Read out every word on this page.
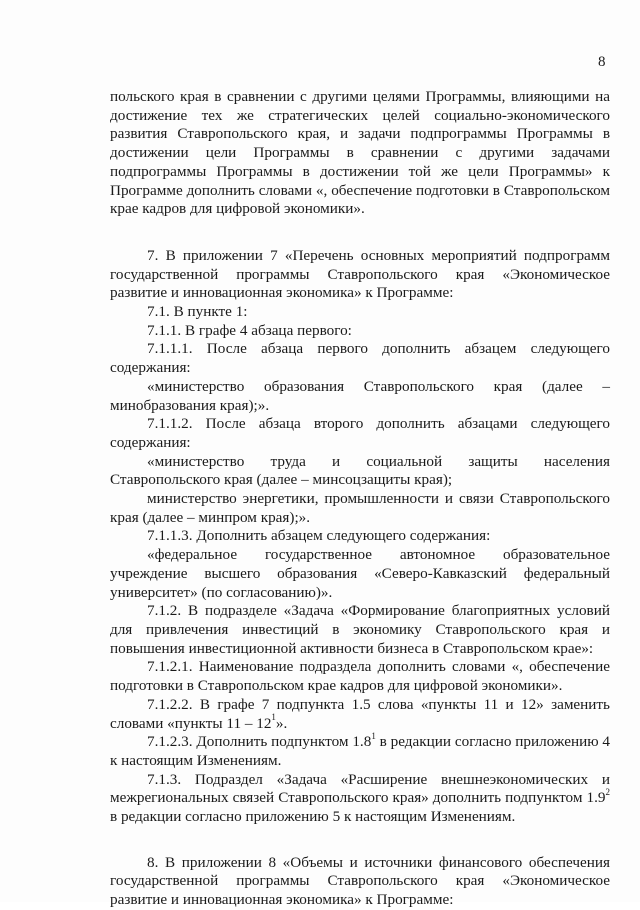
8

польского края в сравнении с другими целями Программы, влияющими на достижение тех же стратегических целей социально-экономического развития Ставропольского края, и задачи подпрограммы Программы в достижении цели Программы в сравнении с другими задачами подпрограммы Программы в достижении той же цели Программы» к Программе дополнить словами «, обеспечение подготовки в Ставропольском крае кадров для цифровой экономики».

7. В приложении 7 «Перечень основных мероприятий подпрограмм государственной программы Ставропольского края «Экономическое развитие и инновационная экономика» к Программе:

7.1. В пункте 1:

7.1.1. В графе 4 абзаца первого:

7.1.1.1. После абзаца первого дополнить абзацем следующего содержания:

«министерство образования Ставропольского края (далее – минобразования края);».

7.1.1.2. После абзаца второго дополнить абзацами следующего содержания:

«министерство труда и социальной защиты населения Ставропольского края (далее – минсоцзащиты края);

министерство энергетики, промышленности и связи Ставропольского края (далее – минпром края);».

7.1.1.3. Дополнить абзацем следующего содержания:

«федеральное государственное автономное образовательное учреждение высшего образования «Северо-Кавказский федеральный университет» (по согласованию)».

7.1.2. В подразделе «Задача «Формирование благоприятных условий для привлечения инвестиций в экономику Ставропольского края и повышения инвестиционной активности бизнеса в Ставропольском крае»:

7.1.2.1. Наименование подраздела дополнить словами «, обеспечение подготовки в Ставропольском крае кадров для цифровой экономики».

7.1.2.2. В графе 7 подпункта 1.5 слова «пункты 11 и 12» заменить словами «пункты $11 - 12^1$».

7.1.2.3. Дополнить подпунктом $1.8^1$ в редакции согласно приложению 4 к настоящим Изменениям.

7.1.3. Подраздел «Задача «Расширение внешнеэкономических и межрегиональных связей Ставропольского края» дополнить подпунктом $1.9^2$ в редакции согласно приложению 5 к настоящим Изменениям.

8. В приложении 8 «Объемы и источники финансового обеспечения государственной программы Ставропольского края «Экономическое развитие и инновационная экономика» к Программе:
